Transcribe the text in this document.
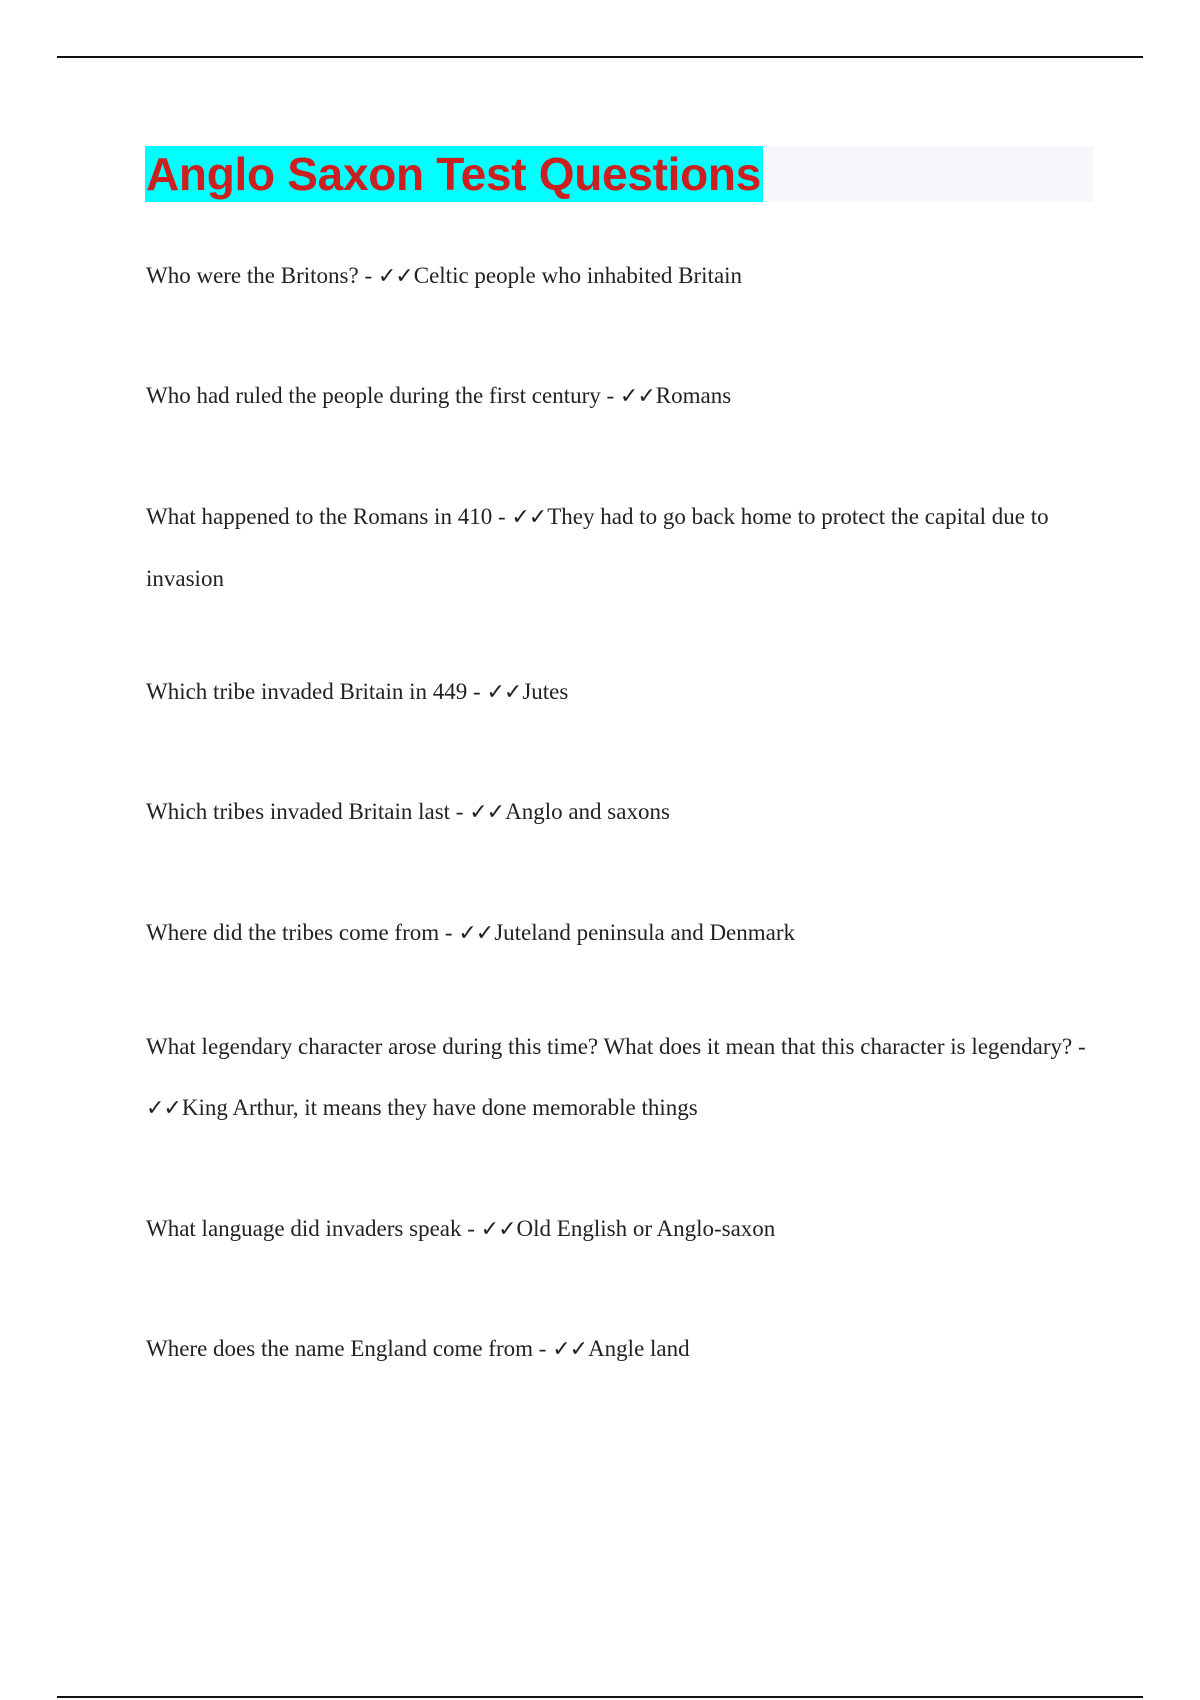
Anglo Saxon Test Questions
Who were the Britons? - ✓✓Celtic people who inhabited Britain
Who had ruled the people during the first century - ✓✓Romans
What happened to the Romans in 410 - ✓✓They had to go back home to protect the capital due to invasion
Which tribe invaded Britain in 449 - ✓✓Jutes
Which tribes invaded Britain last - ✓✓Anglo and saxons
Where did the tribes come from - ✓✓Juteland peninsula and Denmark
What legendary character arose during this time? What does it mean that this character is legendary? - ✓✓King Arthur, it means they have done memorable things
What language did invaders speak - ✓✓Old English or Anglo-saxon
Where does the name England come from - ✓✓Angle land
